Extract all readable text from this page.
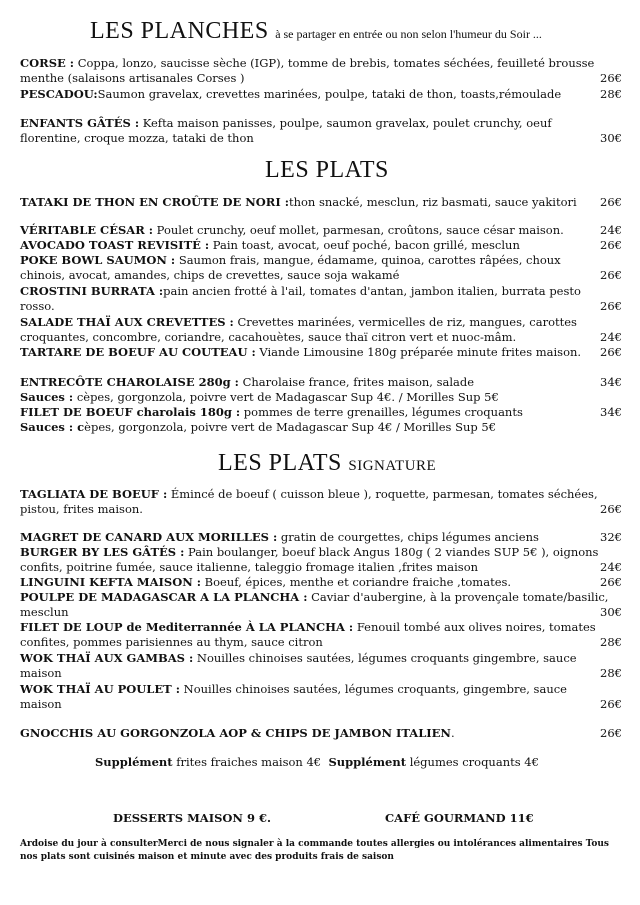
LES PLANCHES à se partager en entrée ou non selon l'humeur du Soir ...
CORSE : Coppa, lonzo, saucisse sèche (IGP), tomme de brebis, tomates séchées, feuilleté brousse
menthe (salaisons artisanales Corses )	26€
PESCADOU:Saumon gravelax, crevettes marinées, poulpe, tataki de thon, toasts,rémoulade	28€
ENFANTS GÂTÉS : Kefta maison panisses, poulpe, saumon gravelax, poulet crunchy, oeuf
florentine, croque mozza, tataki de thon	30€
LES PLATS
TATAKI DE THON EN CROÛTE DE NORI :thon snacké, mesclun, riz basmati, sauce yakitori 26€
VÉRITABLE CÉSAR : Poulet crunchy, oeuf mollet, parmesan, croûtons, sauce césar maison.	24€
AVOCADO TOAST REVISITÉ : Pain toast, avocat, oeuf poché, bacon grillé, mesclun	26€
POKE BOWL SAUMON : Saumon frais, mangue, édamame, quinoa, carottes râpées, choux
chinois, avocat, amandes, chips de crevettes, sauce soja wakamé	26€
CROSTINI BURRATA :pain ancien frotté à l'ail, tomates d'antan, jambon italien, burrata pesto
rosso.	26€
SALADE THAÏ AUX CREVETTES : Crevettes marinées, vermicelles de riz, mangues, carottes
croquantes, concombre, coriandre, cacahouètes, sauce thaï citron vert et nuoc-mâm.	24€
TARTARE DE BOEUF AU COUTEAU : Viande Limousine 180g préparée minute frites maison. 26€
ENTRECÔTE CHAROLAISE 280g : Charolaise france, frites maison, salade	34€
Sauces : cèpes, gorgonzola, poivre vert de Madagascar Sup 4€. / Morilles Sup 5€
FILET DE BOEUF charolais 180g : pommes de terre grenailles, légumes croquants	34€
Sauces : cèpes, gorgonzola, poivre vert de Madagascar Sup 4€ / Morilles Sup 5€
LES PLATS SIGNATURE
TAGLIATA DE BOEUF : Émincé de boeuf ( cuisson bleue ), roquette, parmesan, tomates séchées,
pistou, frites maison.	26€
MAGRET DE CANARD AUX MORILLES : gratin de courgettes, chips légumes anciens	32€
BURGER BY LES GÂTÉS : Pain boulanger, boeuf black Angus 180g ( 2 viandes SUP 5€ ), oignons
confits, poitrine fumée, sauce italienne, taleggio fromage italien ,frites maison	24€
LINGUINI KEFTA MAISON : Boeuf, épices, menthe et coriandre fraiche ,tomates.	26€
POULPE DE MADAGASCAR A LA PLANCHA : Caviar d'aubergine, à la provençale tomate/basilic,
mesclun	30€
FILET DE LOUP de Mediterrannée À LA PLANCHA : Fenouil tombé aux olives noires, tomates
confites, pommes parisiennes au thym, sauce citron	28€
WOK THAÏ AUX GAMBAS : Nouilles chinoises sautées, légumes croquants gingembre, sauce
maison	28€
WOK THAÏ AU POULET : Nouilles chinoises sautées, légumes croquants, gingembre, sauce
maison	26€
GNOCCHIS AU GORGONZOLA AOP & CHIPS DE JAMBON ITALIEN.	26€
Supplément frites fraiches maison 4€ Supplément légumes croquants 4€
DESSERTS MAISON 9 €.	CAFÉ GOURMAND 11€
Ardoise du jour à consulterMerci de nous signaler à la commande toutes allergies ou intolérances alimentaires Tous
nos plats sont cuisinés maison et minute avec des produits frais de saison
